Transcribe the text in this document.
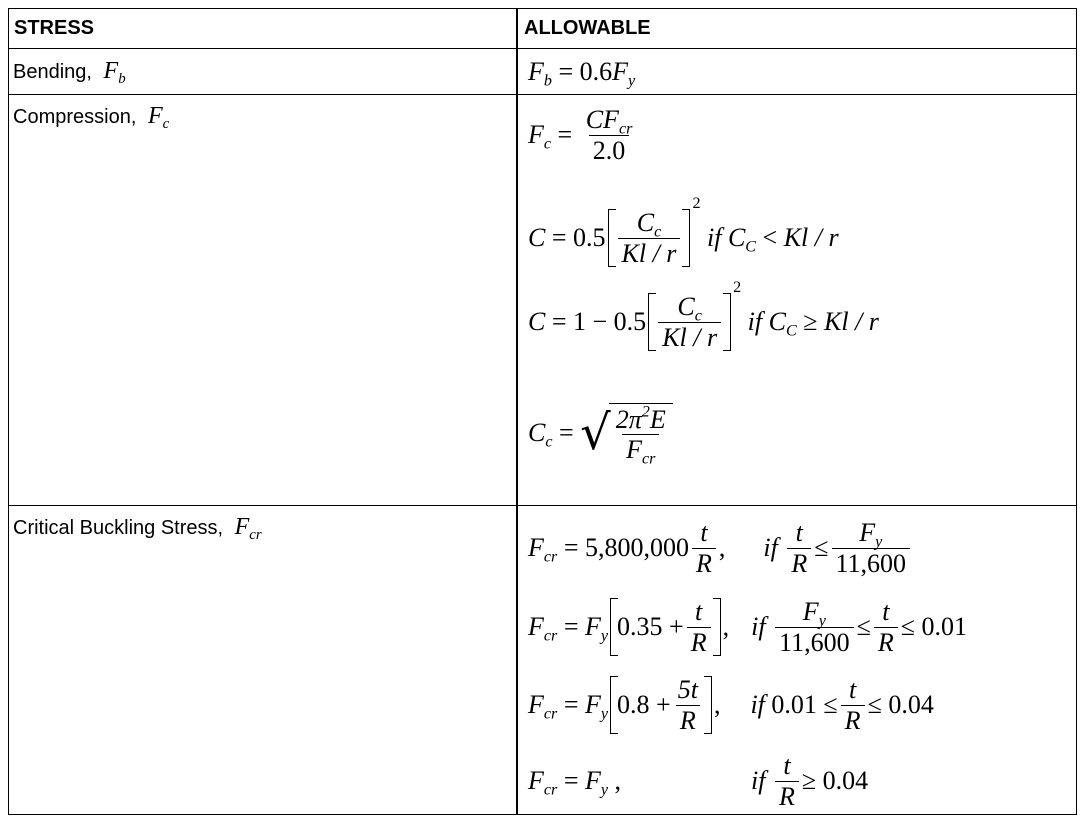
STRESS	ALLOWABLE
Bending, $F_b$
Compression, $F_c$
Critical Buckling Stress, $F_{cr}$
$F_b = 0.6$ $F_y$
$F_c = \frac{CF_{cr}}{2.0}$
$C = 0.5 \frac{C_c}{Kl / r}$
2

if
$C_C < Kl / r$
$C = 1 - 0.5 \frac{C_c}{Kl / r}$
2

if
$C_C \ge Kl / r$
$C_c$ = √ $\frac{2\pi^2E}{F_{cr}}$
$F_{cr} = 5,800,000 \frac{t}{R}$ , if
$\frac{t}{R} \le \frac{F_y}{11,600}$
$F_{cr} = F_y$ $0.35 + \frac{t}{R}$ , if
$\frac{F_y}{11,600} \le \frac{t}{R} \le 0.01$
$F_{cr} = F_y$ $0.8 + \frac{5t}{R}$ , if
$0.01 \le \frac{t}{R} \le 0.04$
$F_{cr} = F_y$ ,	if
$\frac{t}{R} \ge 0.04$
